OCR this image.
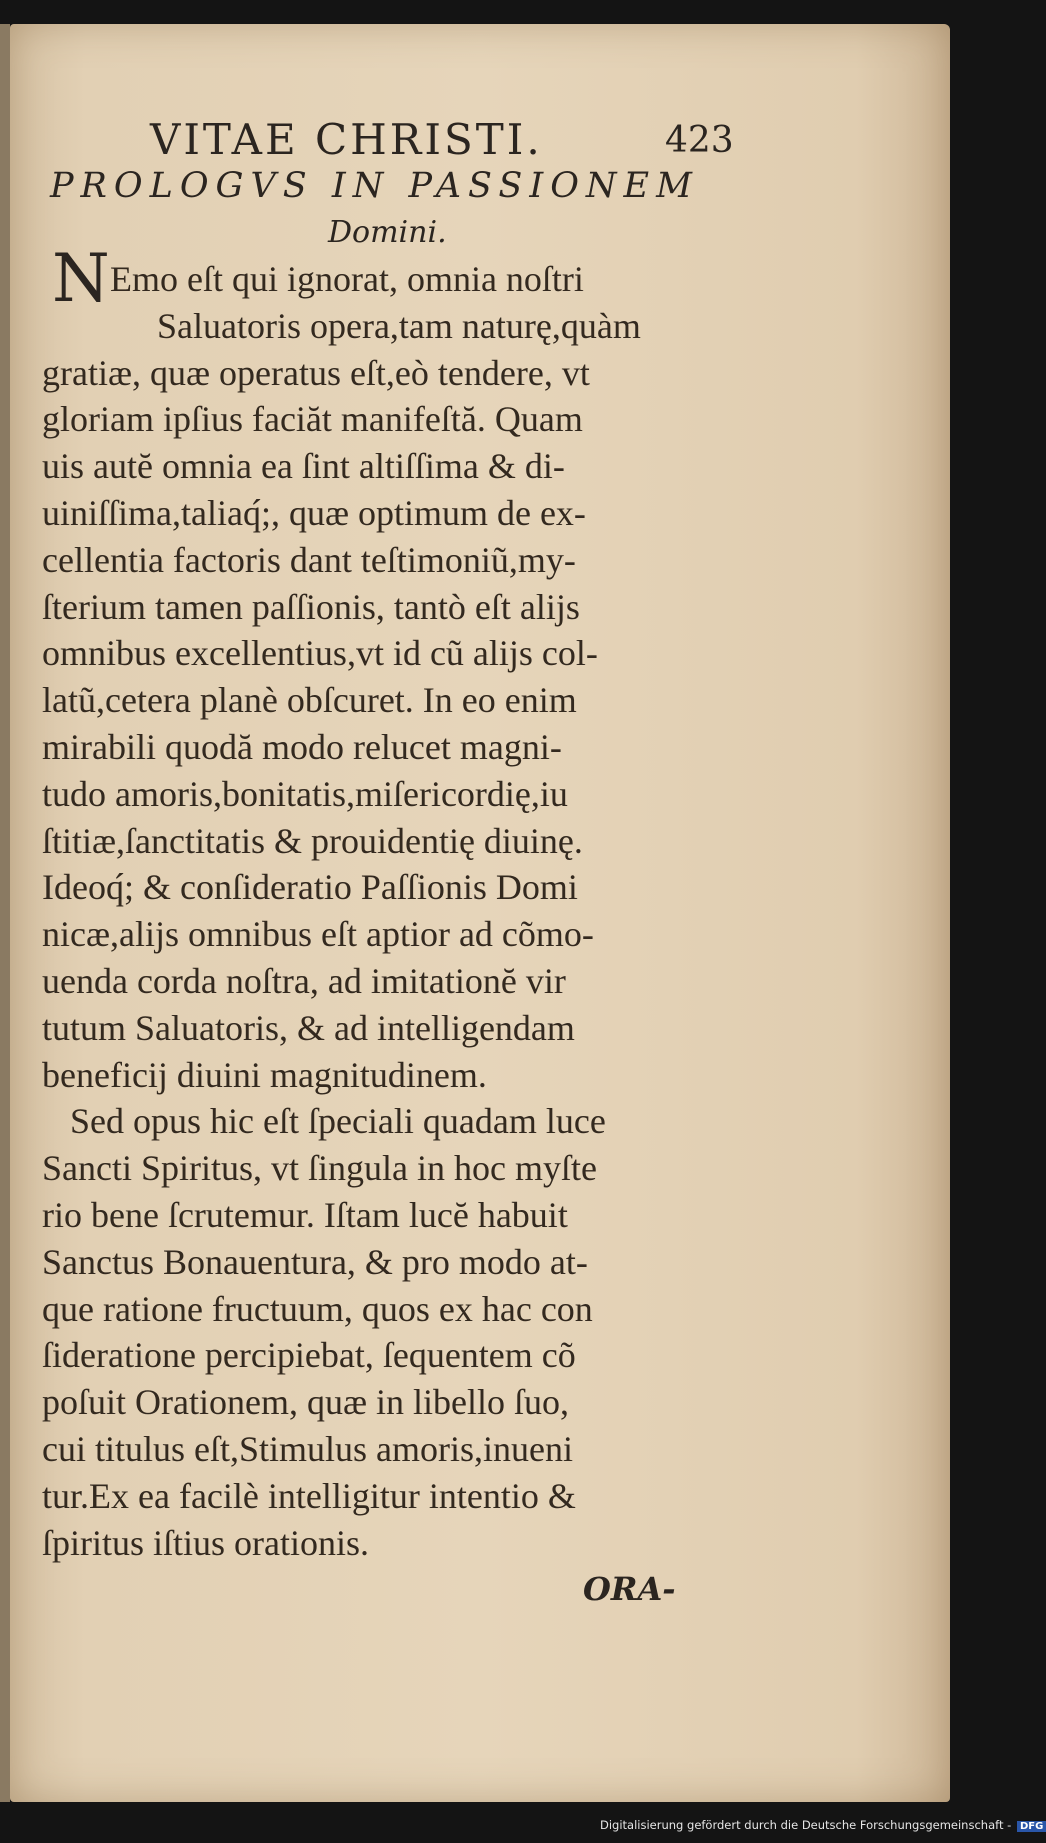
VITAE CHRISTI.	423
PROLOGVS IN PASSIONEM
Domini.
N Emo eſt qui ignorat, omnia noſtri
Saluatoris opera,tam naturę,quàm
gratiæ, quæ operatus eſt,eò tendere, vt
gloriam ipſius faciăt manifeſtă. Quam
uis autĕ omnia ea ſint altiſſima & di-
uiniſſima,taliaq́;, quæ optimum de ex-
cellentia factoris dant teſtimoniũ,my-
ſterium tamen paſſionis, tantò eſt alijs
omnibus excellentius,vt id cũ alijs col-
latũ,cetera planè obſcuret. In eo enim
mirabili quodă modo relucet magni-
tudo amoris,bonitatis,miſericordię,iu
ſtitiæ,ſanctitatis & prouidentię diuinę.
Ideoq́; & conſideratio Paſſionis Domi
nicæ,alijs omnibus eſt aptior ad cõmo-
uenda corda noſtra, ad imitationĕ vir
tutum Saluatoris, & ad intelligendam
beneficij diuini magnitudinem.
Sed opus hic eſt ſpeciali quadam luce
Sancti Spiritus, vt ſingula in hoc myſte
rio bene ſcrutemur. Iſtam lucĕ habuit
Sanctus Bonauentura, & pro modo at-
que ratione fructuum, quos ex hac con
ſideratione percipiebat, ſequentem cõ
poſuit Orationem, quæ in libello ſuo,
cui titulus eſt,Stimulus amoris,inueni
tur.Ex ea facilè intelligitur intentio &
ſpiritus iſtius orationis.
ORA-
Digitalisierung gefördert durch die Deutsche Forschungsgemeinschaft - DFG
